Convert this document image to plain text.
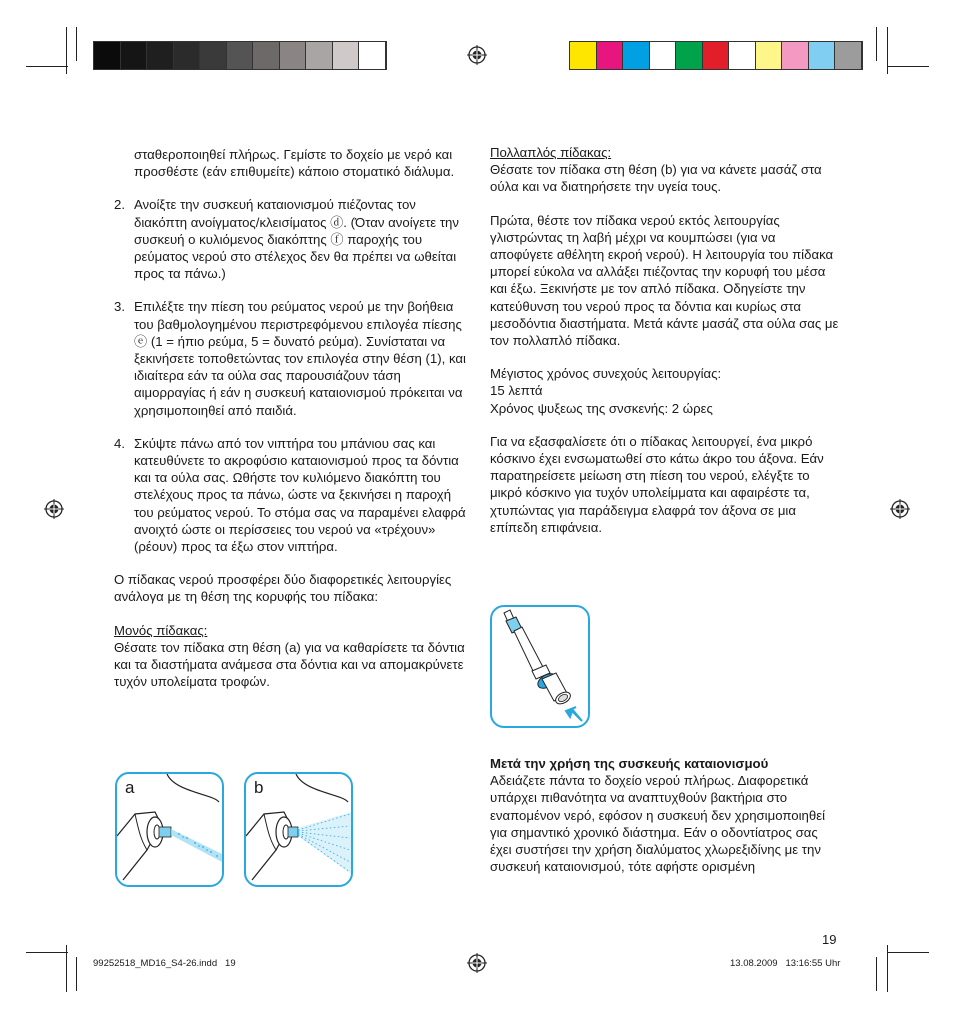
σταθεροποιηθεί πλήρως. Γεμίστε το δοχείο με νερό και προσθέστε (εάν επιθυμείτε) κάποιο στοματικό διάλυμα.

2. Ανοίξτε την συσκευή καταιονισμού πιέζοντας τον διακόπτη ανοίγματος/κλεισίματος ⓓ. (Όταν ανοίγετε την συσκευή ο κυλιόμενος διακόπτης ⓕ παροχής του ρεύματος νερού στο στέλεχος δεν θα πρέπει να ωθείται προς τα πάνω.)
3. Επιλέξτε την πίεση του ρεύματος νερού με την βοήθεια του βαθμολογημένου περιστρεφόμενου επιλογέα πίεσης ⓔ (1 = ήπιο ρεύμα, 5 = δυνατό ρεύμα). Συνίσταται να ξεκινήσετε τοποθετώντας τον επιλογέα στην θέση (1), και ιδιαίτερα εάν τα ούλα σας παρουσιάζουν τάση αιμορραγίας ή εάν η συσκευή καταιονισμού πρόκειται να χρησιμοποιηθεί από παιδιά.
4. Σκύψτε πάνω από τον νιπτήρα του μπάνιου σας και κατευθύνετε το ακροφύσιο καταιονισμού προς τα δόντια και τα ούλα σας. Ωθήστε τον κυλιόμενο διακόπτη του στελέχους προς τα πάνω, ώστε να ξεκινήσει η παροχή του ρεύματος νερού. Το στόμα σας να παραμένει ελαφρά ανοιχτό ώστε οι περίσσειες του νερού να «τρέχουν» (ρέουν) προς τα έξω στον νιπτήρα.

Ο πίδακας νερού προσφέρει δύο διαφορετικές λειτουργίες ανάλογα με τη θέση της κορυφής του πίδακα:

Μονός πίδακας:
Θέσατε τον πίδακα στη θέση (a) για να καθαρίσετε τα δόντια και τα διαστήματα ανάμεσα στα δόντια και να απομακρύνετε τυχόν υπολείματα τροφών.
a	b

Πολλαπλός πίδακας:
Θέσατε τον πίδακα στη θέση (b) για να κάνετε μασάζ στα ούλα και να διατηρήσετε την υγεία τους.

Πρώτα, θέστε τον πίδακα νερού εκτός λειτουργίας γλιστρώντας τη λαβή μέχρι να κουμπώσει (για να αποφύγετε αθέλητη εκροή νερού). Η λειτουργία του πίδακα μπορεί εύκολα να αλλάξει πιέζοντας την κορυφή του μέσα και έξω. Ξεκινήστε με τον απλό πίδακα. Οδηγείστε την κατεύθυνση του νερού προς τα δόντια και κυρίως στα μεσοδόντια διαστήματα. Μετά κάντε μασάζ στα ούλα σας με τον πολλαπλό πίδακα.

Μέγιστος χρόνος συνεχούς λειτουργίας:
15 λεπτά
Χρόνος ψυξεως της σνσκενής: 2 ώρες

Για να εξασφαλίσετε ότι ο πίδακας λειτουργεί, ένα μικρό κόσκινο έχει ενσωματωθεί στο κάτω άκρο του άξονα. Εάν παρατηρείσετε μείωση στη πίεση του νερού, ελέγξτε το μικρό κόσκινο για τυχόν υπολείμματα και αφαιρέστε τα, χτυπώντας για παράδειγμα ελαφρά τον άξονα σε μια επίπεδη επιφάνεια.

Μετά την χρήση της συσκευής καταιονισμού
Αδειάζετε πάντα το δοχείο νερού πλήρως. Διαφορετικά υπάρχει πιθανότητα να αναπτυχθούν βακτήρια στο εναπομένον νερό, εφόσον η συσκευή δεν χρησιμοποιηθεί για σημαντικό χρονικό διάστημα. Εάν ο οδοντίατρος σας έχει συστήσει την χρήση διαλύματος χλωρεξιδίνης με την συσκευή καταιονισμού, τότε αφήστε ορισμένη
19
99252518_MD16_S4-26.indd   19	13.08.2009   13:16:55 Uhr
